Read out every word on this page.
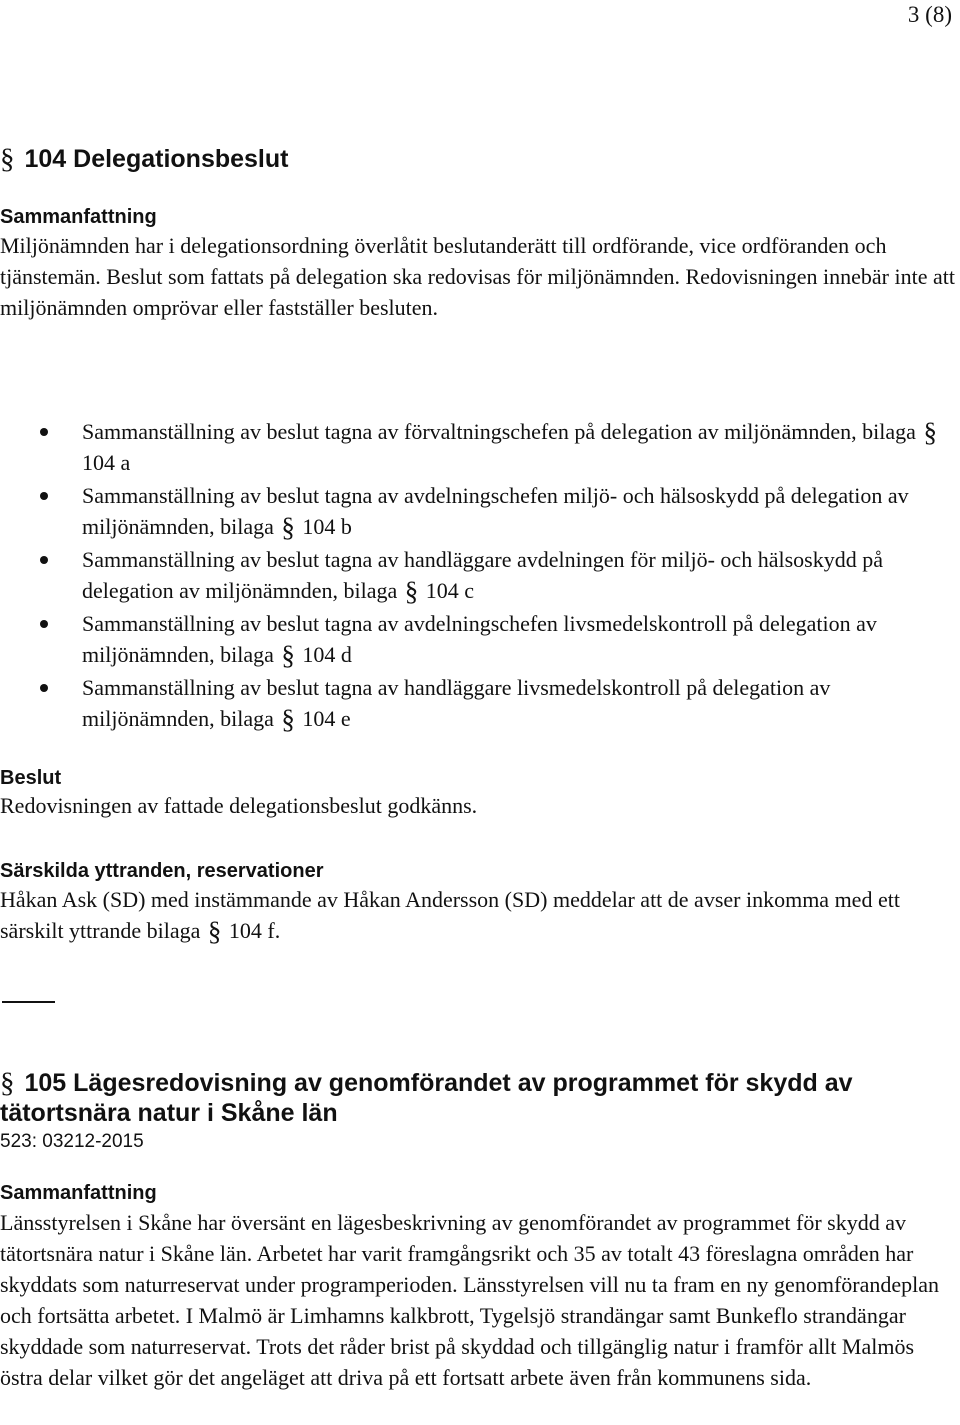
3 (8)
§ 104 Delegationsbeslut
Sammanfattning

Miljönämnden har i delegationsordning överlåtit beslutanderätt till ordförande, vice ordföranden och tjänstemän. Beslut som fattats på delegation ska redovisas för miljönämnden. Redovisningen innebär inte att miljönämnden omprövar eller fastställer besluten.

Sammanställning av beslut tagna av förvaltningschefen på delegation av miljönämnden, bilaga § 104 a
Sammanställning av beslut tagna av avdelningschefen miljö- och hälsoskydd på delegation av miljönämnden, bilaga § 104 b
Sammanställning av beslut tagna av handläggare avdelningen för miljö- och hälsoskydd på delegation av miljönämnden, bilaga § 104 c
Sammanställning av beslut tagna av avdelningschefen livsmedelskontroll på delegation av miljönämnden, bilaga § 104 d
Sammanställning av beslut tagna av handläggare livsmedelskontroll på delegation av miljönämnden, bilaga § 104 e
Beslut

Redovisningen av fattade delegationsbeslut godkänns.

Särskilda yttranden, reservationer

Håkan Ask (SD) med instämmande av Håkan Andersson (SD) meddelar att de avser inkomma med ett särskilt yttrande bilaga § 104 f.

§ 105 Lägesredovisning av genomförandet av programmet för skydd av tätortsnära natur i Skåne län
523: 03212-2015
Sammanfattning

Länsstyrelsen i Skåne har översänt en lägesbeskrivning av genomförandet av programmet för skydd av tätortsnära natur i Skåne län. Arbetet har varit framgångsrikt och 35 av totalt 43 föreslagna områden har skyddats som naturreservat under programperioden. Länsstyrelsen vill nu ta fram en ny genomförandeplan och fortsätta arbetet. I Malmö är Limhamns kalkbrott, Tygelsjö strandängar samt Bunkeflo strandängar skyddade som naturreservat. Trots det råder brist på skyddad och tillgänglig natur i framför allt Malmös östra delar vilket gör det angeläget att driva på ett fortsatt arbete även från kommunens sida.
